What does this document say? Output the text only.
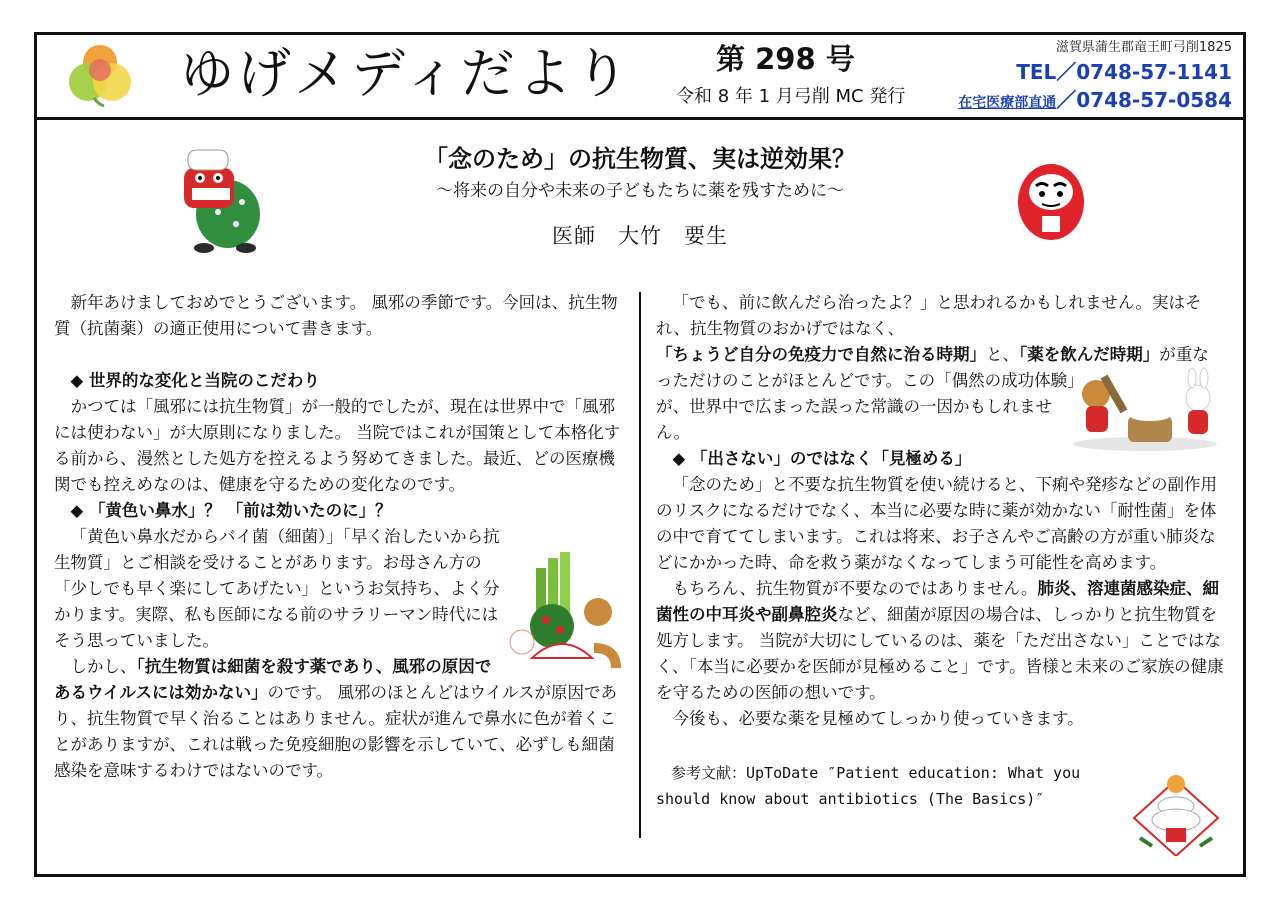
ゆげメディだより	第 298 号
令和 8 年 1 月弓削 MC 発行
滋賀県蒲生郡竜王町弓削1825
TEL／0748-57-1141
在宅医療部直通／0748-57-0584
「念のため」の抗生物質、実は逆効果？
～将来の自分や未来の子どもたちに薬を残すために～
医師　大竹　要生

新年あけましておめでとうございます。 風邪の季節です。今回は、抗生物質（抗菌薬）の適正使用について書きます。

◆ 世界的な変化と当院のこだわり

かつては「風邪には抗生物質」が一般的でしたが、現在は世界中で「風邪には使わない」が大原則になりました。 当院ではこれが国策として本格化する前から、漫然とした処方を控えるよう努めてきました。最近、どの医療機関でも控えめなのは、健康を守るための変化なのです。

◆ 「黄色い鼻水」？ 「前は効いたのに」？

「黄色い鼻水だからバイ菌（細菌）」「早く治したいから抗生物質」とご相談を受けることがあります。お母さん方の「少しでも早く楽にしてあげたい」というお気持ち、よく分かります。実際、私も医師になる前のサラリーマン時代にはそう思っていました。

しかし、「抗生物質は細菌を殺す薬であり、風邪の原因であるウイルスには効かない」のです。 風邪のほとんどはウイルスが原因であり、抗生物質で早く治ることはありません。症状が進んで鼻水に色が着くことがありますが、これは戦った免疫細胞の影響を示していて、必ずしも細菌感染を意味するわけではないのです。

「でも、前に飲んだら治ったよ？」と思われるかもしれません。実はそれ、抗生物質のおかげではなく、「ちょうど自分の免疫力で自然に治る時期」と、「薬を飲んだ時期」が重なっただけのことがほとんどです。この「偶然の成功体験」が、世界中で広まった誤った常識の一因かもしれません。

◆ 「出さない」のではなく「見極める」

「念のため」と不要な抗生物質を使い続けると、下痢や発疹などの副作用のリスクになるだけでなく、本当に必要な時に薬が効かない「耐性菌」を体の中で育ててしまいます。これは将来、お子さんやご高齢の方が重い肺炎などにかかった時、命を救う薬がなくなってしまう可能性を高めます。

もちろん、抗生物質が不要なのではありません。肺炎、溶連菌感染症、細菌性の中耳炎や副鼻腔炎など、細菌が原因の場合は、しっかりと抗生物質を処方します。 当院が大切にしているのは、薬を「ただ出さない」ことではなく、「本当に必要かを医師が見極めること」です。皆様と未来のご家族の健康を守るための医師の想いです。

今後も、必要な薬を見極めてしっかり使っていきます。

参考文献：UpToDate ″Patient education: What you should know about antibiotics (The Basics)″
